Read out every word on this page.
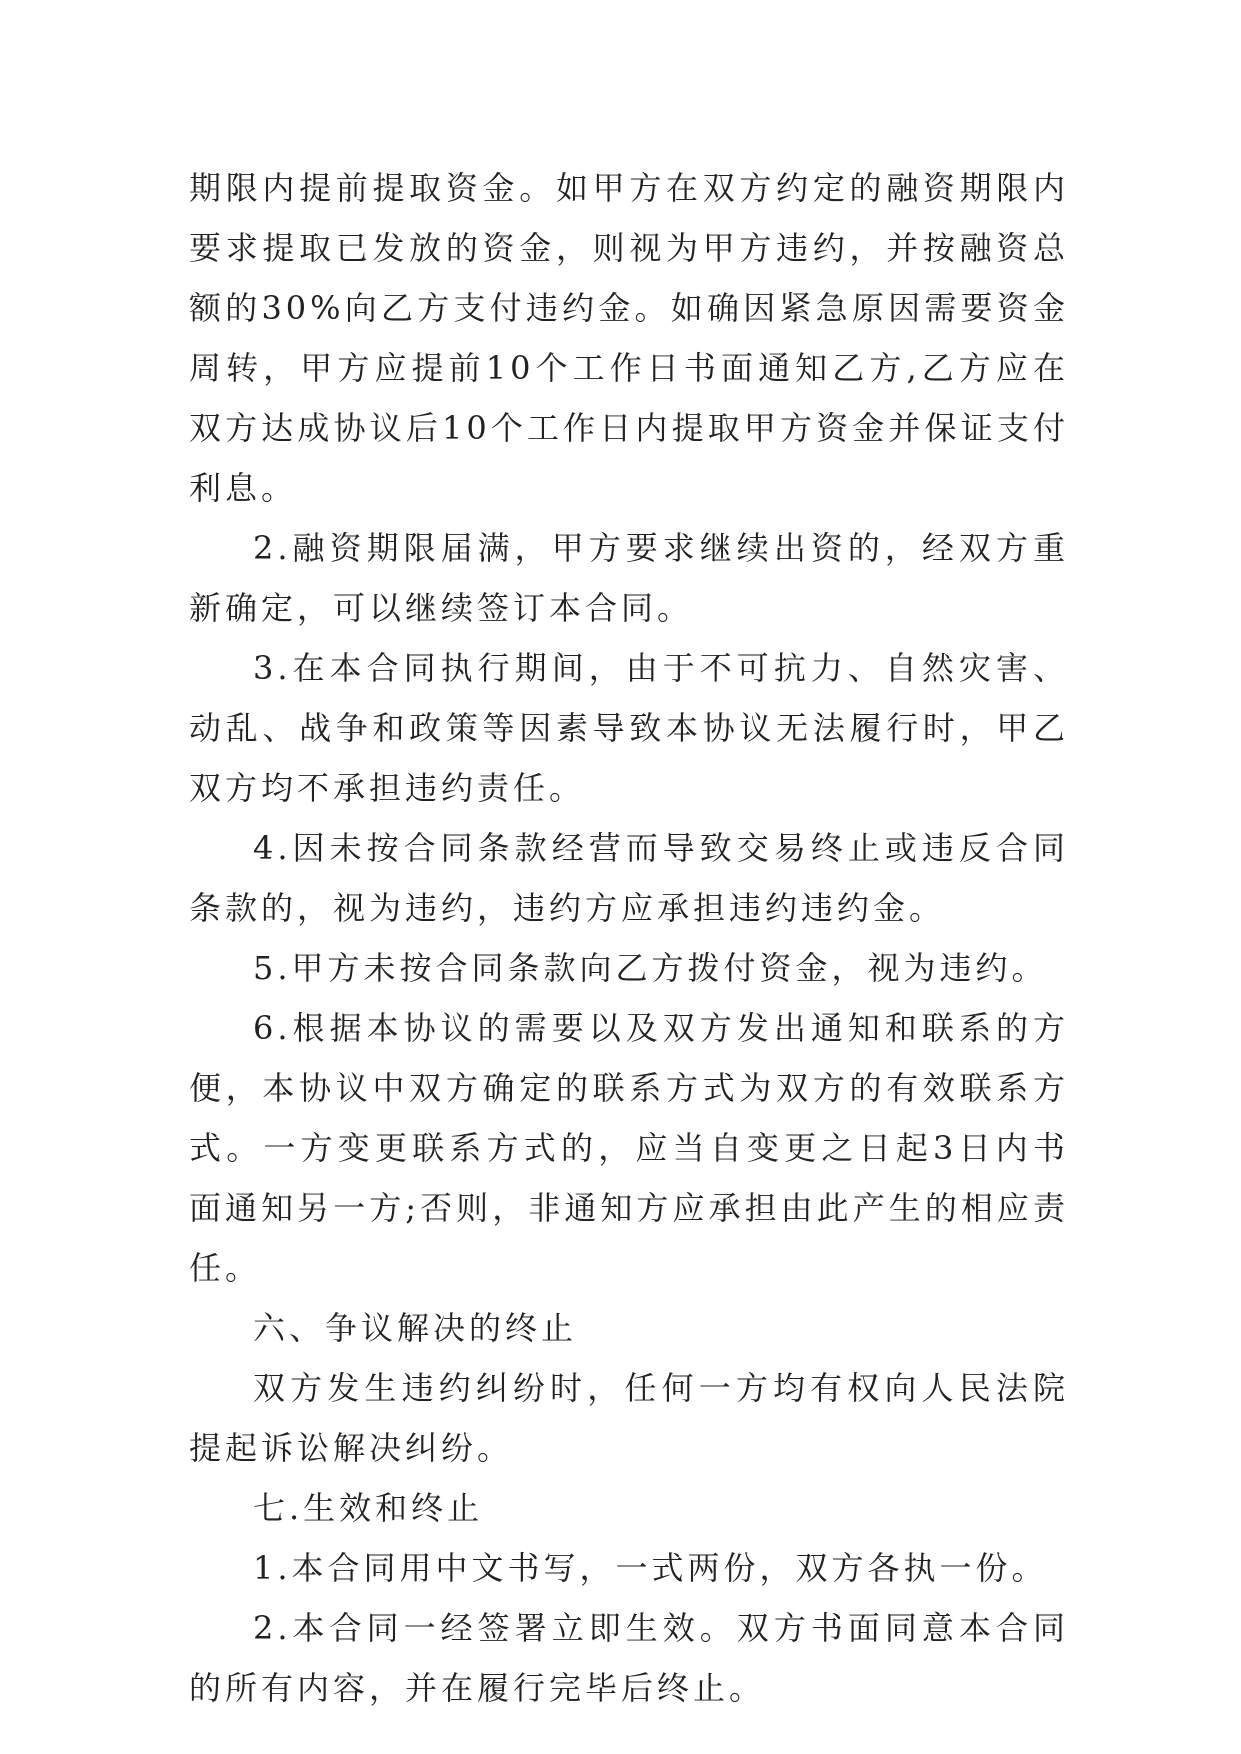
期限内提前提取资金。如甲方在双方约定的融资期限内要求提取已发放的资金，则视为甲方违约，并按融资总额的30%向乙方支付违约金。如确因紧急原因需要资金周转，甲方应提前10个工作日书面通知乙方,乙方应在双方达成协议后10个工作日内提取甲方资金并保证支付利息。

2.融资期限届满，甲方要求继续出资的，经双方重新确定，可以继续签订本合同。

3.在本合同执行期间，由于不可抗力、自然灾害、动乱、战争和政策等因素导致本协议无法履行时，甲乙双方均不承担违约责任。

4.因未按合同条款经营而导致交易终止或违反合同条款的，视为违约，违约方应承担违约违约金。

5.甲方未按合同条款向乙方拨付资金，视为违约。

6.根据本协议的需要以及双方发出通知和联系的方便，本协议中双方确定的联系方式为双方的有效联系方式。一方变更联系方式的，应当自变更之日起3日内书面通知另一方;否则，非通知方应承担由此产生的相应责任。

六、争议解决的终止

双方发生违约纠纷时，任何一方均有权向人民法院提起诉讼解决纠纷。

七.生效和终止

1.本合同用中文书写，一式两份，双方各执一份。

2.本合同一经签署立即生效。双方书面同意本合同的所有内容，并在履行完毕后终止。
